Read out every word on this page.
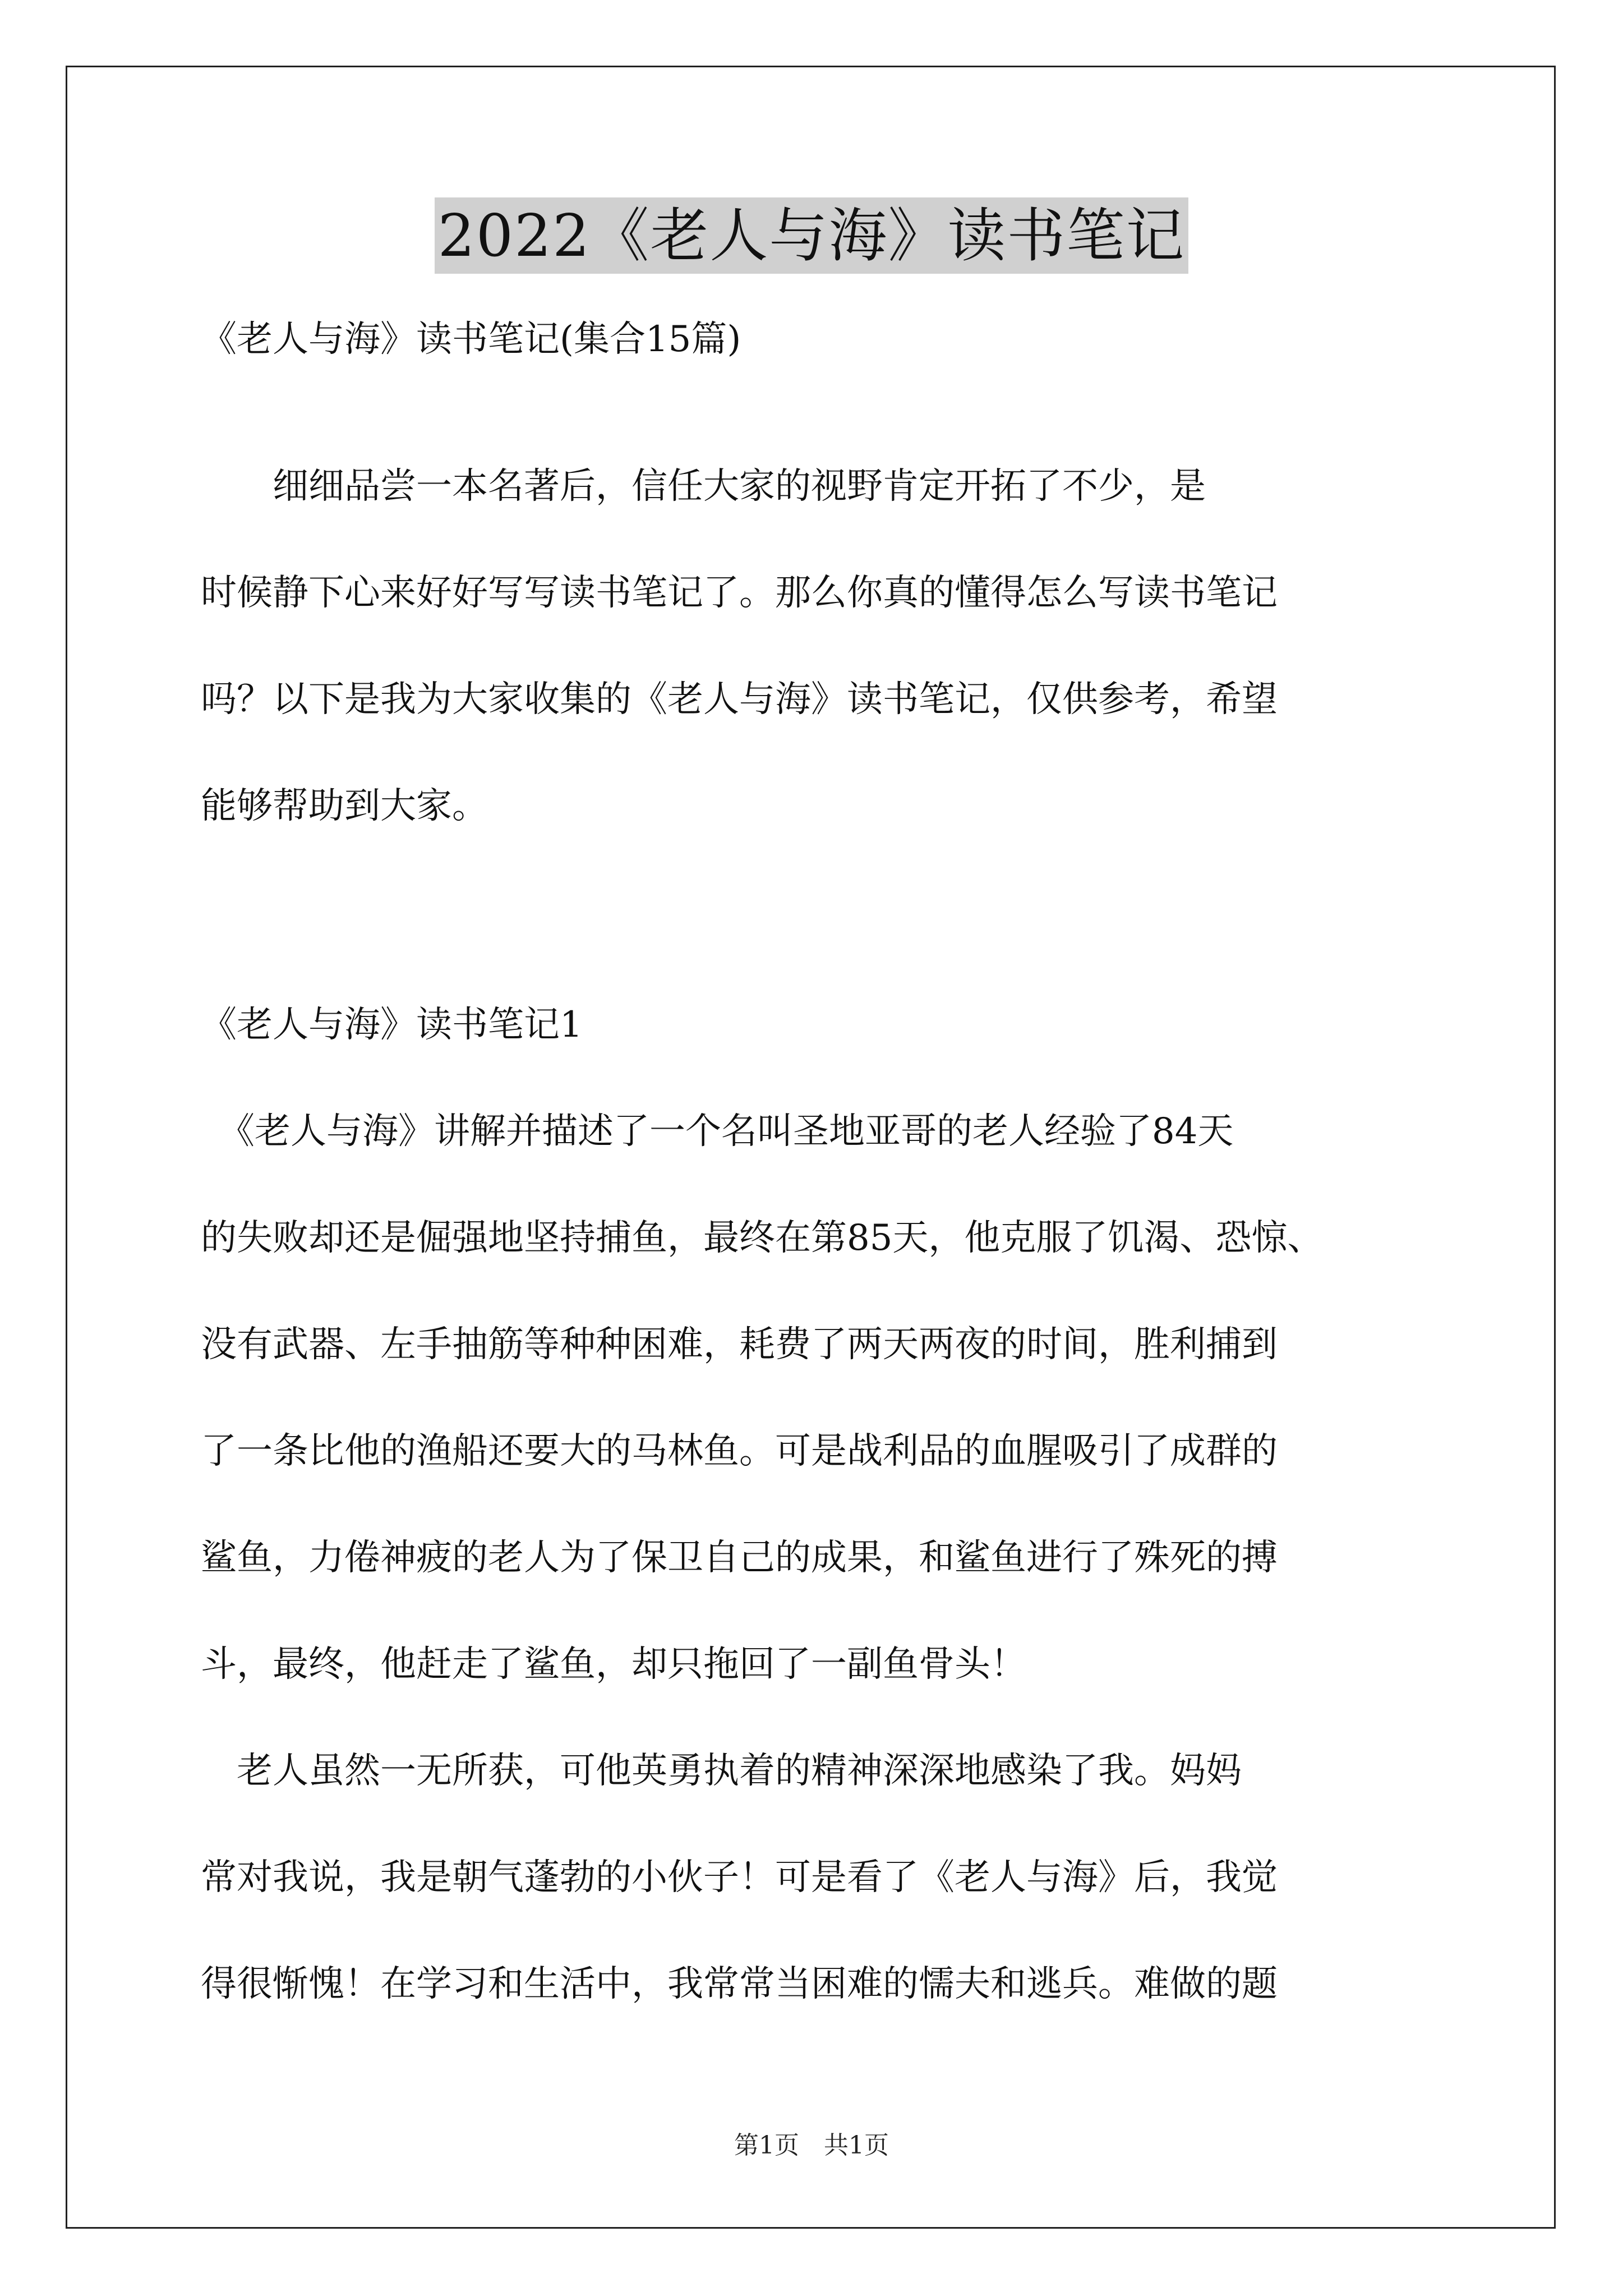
2022《老人与海》读书笔记
《老人与海》读书笔记(集合15篇)
　　细细品尝一本名著后，信任大家的视野肯定开拓了不少，是
时候静下心来好好写写读书笔记了。那么你真的懂得怎么写读书笔记
吗？以下是我为大家收集的《老人与海》读书笔记，仅供参考，希望
能够帮助到大家。
《老人与海》读书笔记1
　《老人与海》讲解并描述了一个名叫圣地亚哥的老人经验了84天
的失败却还是倔强地坚持捕鱼，最终在第85天，他克服了饥渴、恐惊、
没有武器、左手抽筋等种种困难，耗费了两天两夜的时间，胜利捕到
了一条比他的渔船还要大的马林鱼。可是战利品的血腥吸引了成群的
鲨鱼，力倦神疲的老人为了保卫自己的成果，和鲨鱼进行了殊死的搏
斗，最终，他赶走了鲨鱼，却只拖回了一副鱼骨头！
　老人虽然一无所获，可他英勇执着的精神深深地感染了我。妈妈
常对我说，我是朝气蓬勃的小伙子！可是看了《老人与海》后，我觉
得很惭愧！在学习和生活中，我常常当困难的懦夫和逃兵。难做的题
第1页　共1页
